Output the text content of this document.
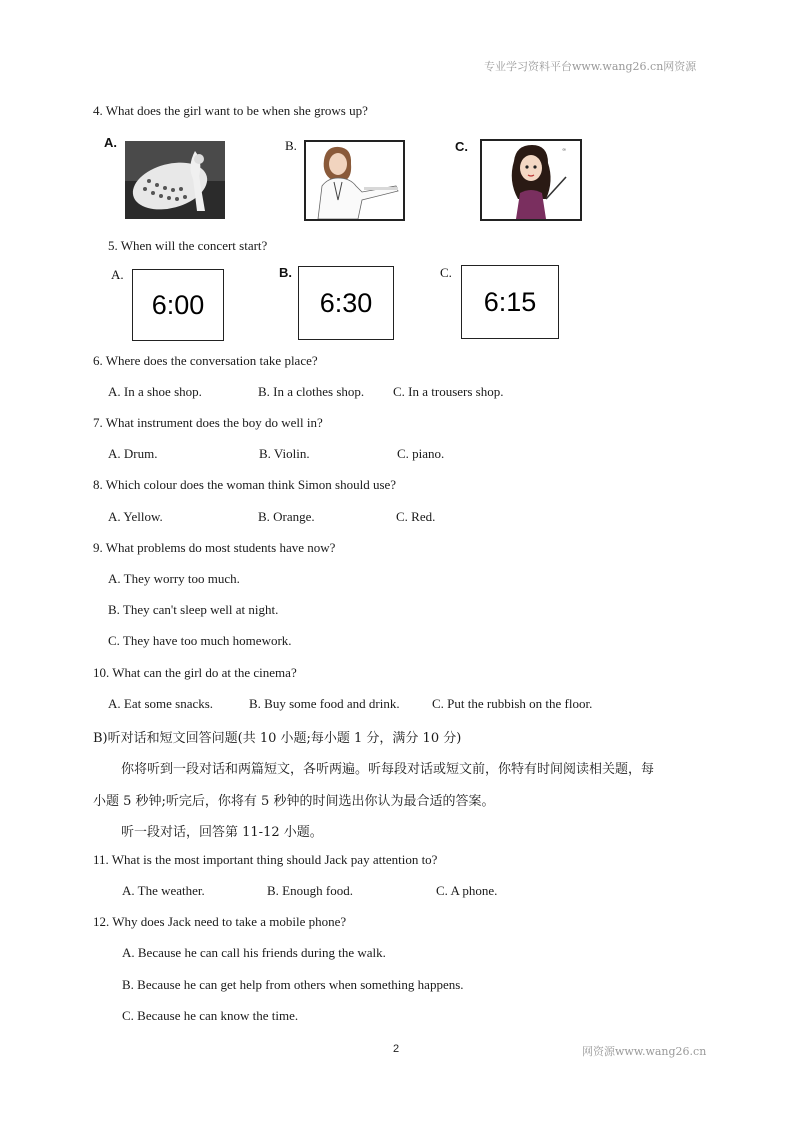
专业学习资料平台www.wang26.cn网资源
4. What does the girl want to be when she grows up?
A.	B.	C.	∞
5. When will the concert start?
A.
6:00
B.
6:30
C.
6:15
6. Where does the conversation take place?
A. In a shoe shop.	B. In a clothes shop. C. In a trousers shop.
7. What instrument does the boy do well in?
A. Drum.	B. Violin.	C. piano.
8. Which colour does the woman think Simon should use?
A. Yellow.	B. Orange.	C. Red.
9. What problems do most students have now?
A. They worry too much.
B. They can't sleep well at night.
C. They have too much homework.
10. What can the girl do at the cinema?
A. Eat some snacks.	B. Buy some food and drink. C. Put the rubbish on the floor.
B)听对话和短文回答问题(共 10 小题;每小题 1 分，满分 10 分)
你将听到一段对话和两篇短文，各听两遍。听每段对话或短文前，你特有时间阅读相关题，每
小题 5 秒钟;听完后，你将有 5 秒钟的时间选出你认为最合适的答案。
听一段对话，回答第 11-12 小题。
11. What is the most important thing should Jack pay attention to?
A. The weather.	B. Enough food.	C. A phone.
12. Why does Jack need to take a mobile phone?
A. Because he can call his friends during the walk.
B. Because he can get help from others when something happens.
C. Because he can know the time.
2	网资源www.wang26.cn
